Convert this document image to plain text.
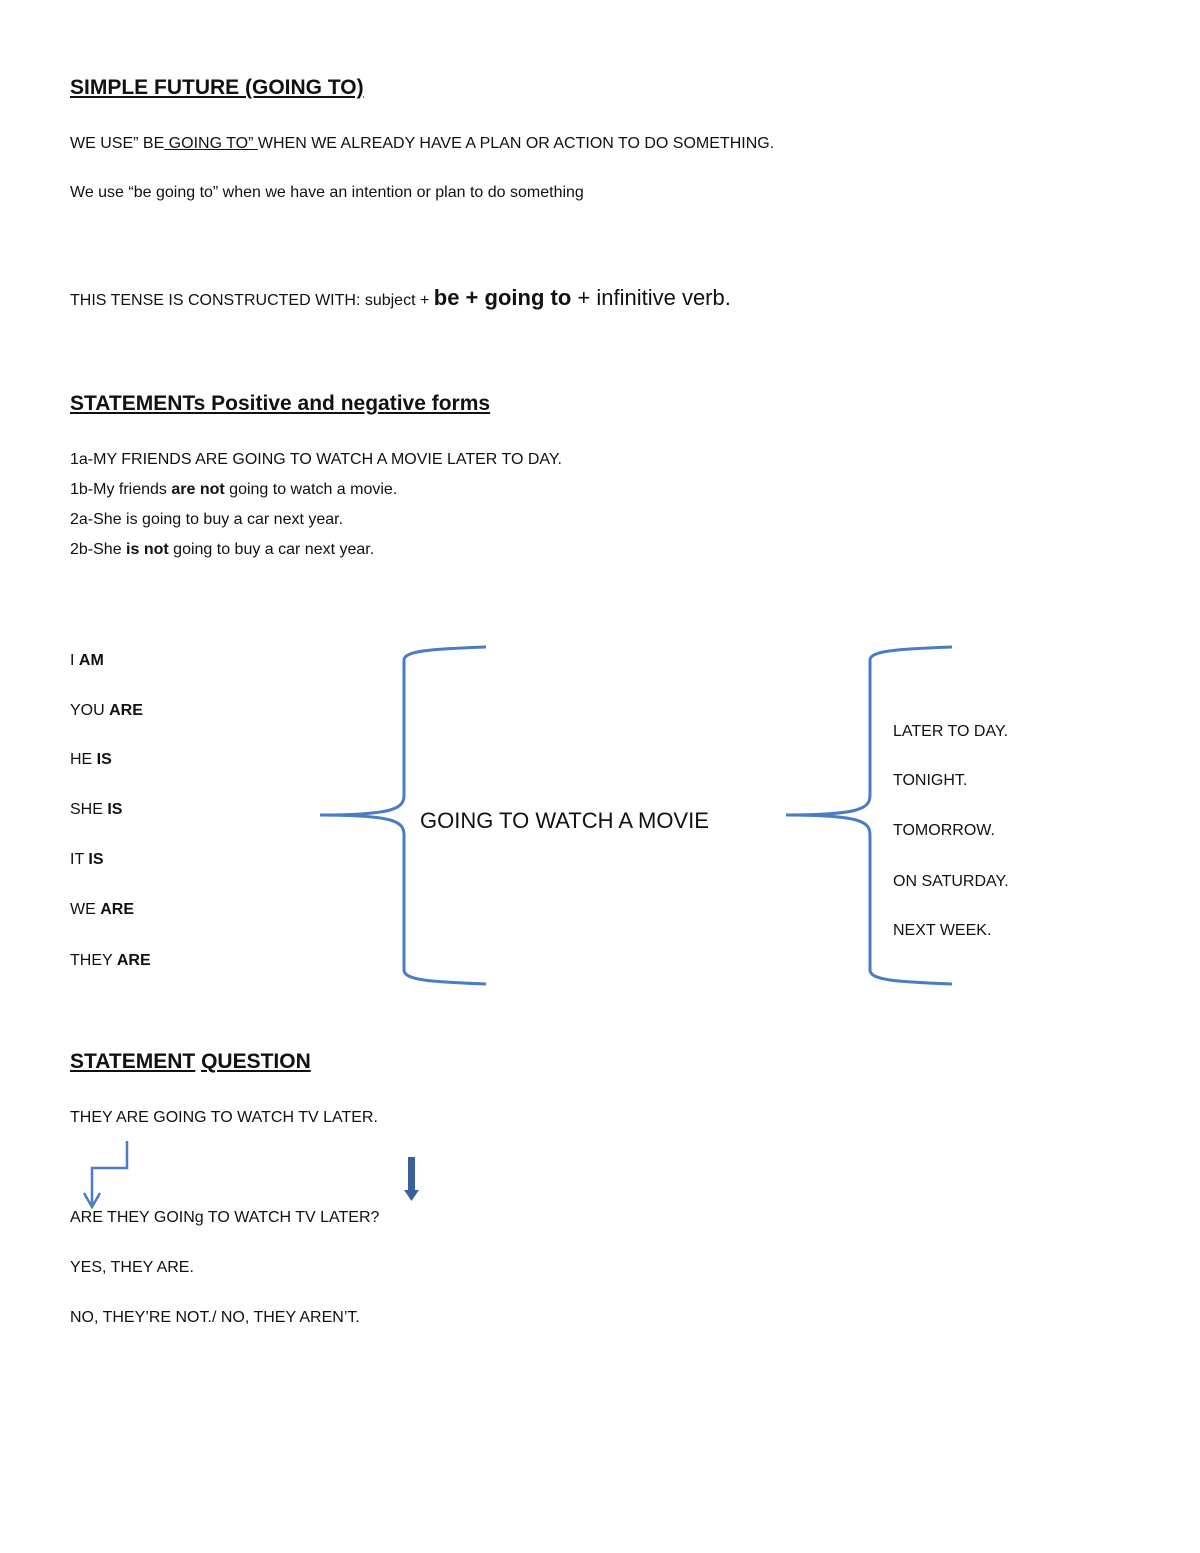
SIMPLE FUTURE (GOING TO)
WE USE” BE GOING TO” WHEN WE ALREADY HAVE A PLAN OR ACTION TO DO SOMETHING.
We use “be going to” when we have an intention or plan to do something
THIS TENSE IS CONSTRUCTED WITH: subject + be + going to + infinitive verb.
STATEMENTs Positive and negative forms
1a-MY FRIENDS ARE GOING TO WATCH A MOVIE LATER TO DAY.
1b-My friends are not going to watch a movie.
2a-She is going to buy a car next year.
2b-She is not going to buy a car next year.
I AM
YOU ARE
HE IS
SHE IS
IT IS
WE ARE
THEY ARE
GOING TO WATCH A MOVIE
LATER TO DAY.
TONIGHT.
TOMORROW.
ON SATURDAY.
NEXT WEEK.
STATEMENT QUESTION
THEY ARE GOING TO WATCH TV LATER.
ARE THEY GOINg TO WATCH TV LATER?
YES, THEY ARE.
NO, THEY’RE NOT./ NO, THEY AREN’T.
